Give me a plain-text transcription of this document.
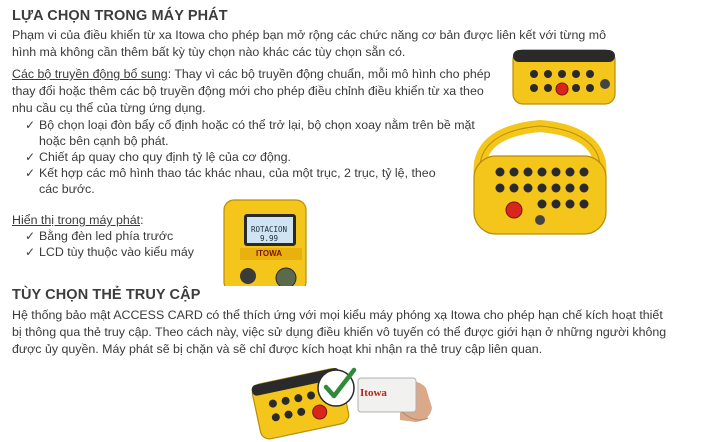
LỰA CHỌN TRONG MÁY PHÁT

Phạm vi của điều khiển từ xa Itowa cho phép bạn mở rộng các chức năng cơ bản được liên kết với từng mô

hình mà không cần thêm bất kỳ tùy chọn nào khác các tùy chọn sẵn có.

Các bộ truyền động bổ sung: Thay vì các bộ truyền động chuẩn, mỗi mô hình cho phép

thay đổi hoặc thêm các bộ truyền động mới cho phép điều chỉnh điều khiển từ xa theo

nhu cầu cụ thể của từng ứng dụng.

✓ Bộ chọn loại đòn bẩy cố định hoặc có thể trở lại, bộ chọn xoay nằm trên bề mặt
hoặc bên cạnh bộ phát.
✓ Chiết áp quay cho quy định tỷ lệ của cơ động.
✓ Kết hợp các mô hình thao tác khác nhau, của một trục, 2 trục, tỷ lệ, theo
các bước.

Hiển thị trong máy phát:

✓ Bằng đèn led phía trước
✓ LCD tùy thuộc vào kiểu máy
TÙY CHỌN THẺ TRUY CẬP

Hệ thống bảo mật ACCESS CARD có thể thích ứng với mọi kiểu máy phóng xạ Itowa cho phép hạn chế kích hoạt thiết

bị thông qua thẻ truy cập. Theo cách này, việc sử dụng điều khiển vô tuyến có thể được giới hạn ở những người không

được ủy quyền. Máy phát sẽ bị chặn và sẽ chỉ được kích hoạt khi nhận ra thẻ truy cập liên quan.

ROTACION
9.99
ITOWA
Itowa
